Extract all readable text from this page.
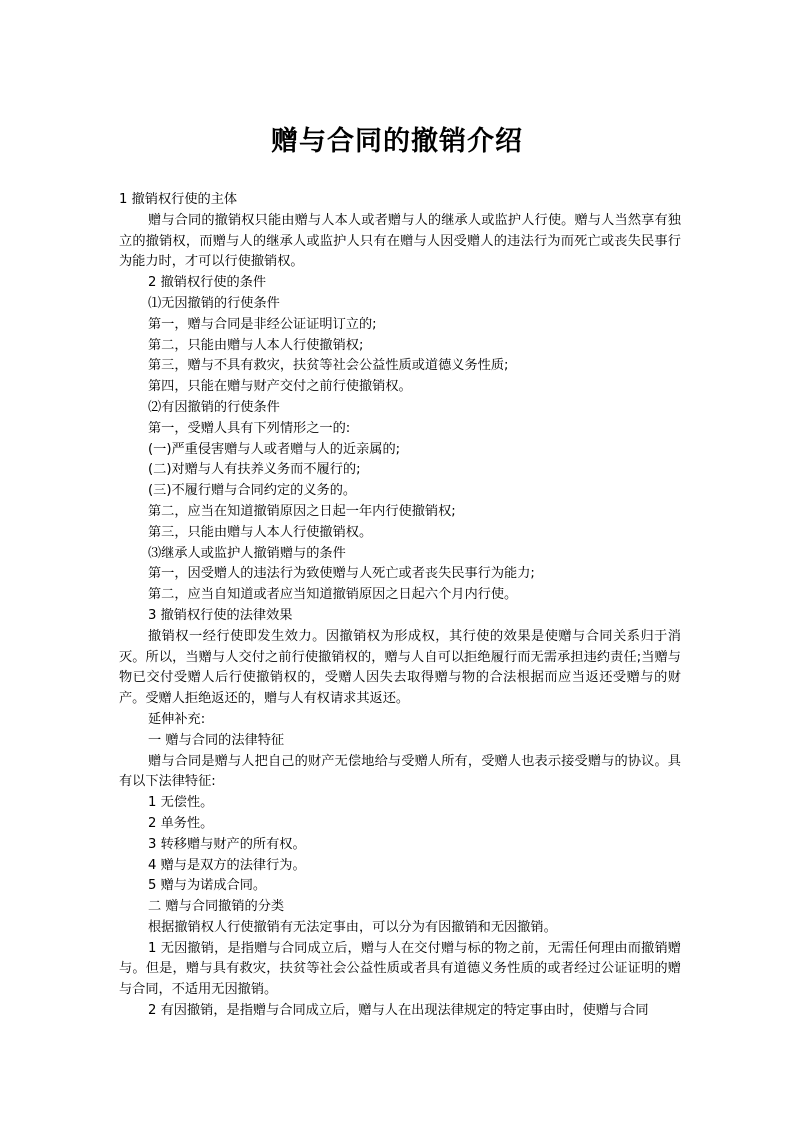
赠与合同的撤销介绍

1 撤销权行使的主体

赠与合同的撤销权只能由赠与人本人或者赠与人的继承人或监护人行使。赠与人当然享有独立的撤销权，而赠与人的继承人或监护人只有在赠与人因受赠人的违法行为而死亡或丧失民事行为能力时，才可以行使撤销权。

2 撤销权行使的条件

⑴无因撤销的行使条件

第一，赠与合同是非经公证证明订立的;

第二，只能由赠与人本人行使撤销权;

第三，赠与不具有救灾，扶贫等社会公益性质或道德义务性质;

第四，只能在赠与财产交付之前行使撤销权。

⑵有因撤销的行使条件

第一，受赠人具有下列情形之一的:

(一)严重侵害赠与人或者赠与人的近亲属的;

(二)对赠与人有扶养义务而不履行的;

(三)不履行赠与合同约定的义务的。

第二，应当在知道撤销原因之日起一年内行使撤销权;

第三，只能由赠与人本人行使撤销权。

⑶继承人或监护人撤销赠与的条件

第一，因受赠人的违法行为致使赠与人死亡或者丧失民事行为能力;

第二，应当自知道或者应当知道撤销原因之日起六个月内行使。

3 撤销权行使的法律效果

撤销权一经行使即发生效力。因撤销权为形成权，其行使的效果是使赠与合同关系归于消灭。所以，当赠与人交付之前行使撤销权的，赠与人自可以拒绝履行而无需承担违约责任;当赠与物已交付受赠人后行使撤销权的，受赠人因失去取得赠与物的合法根据而应当返还受赠与的财产。受赠人拒绝返还的，赠与人有权请求其返还。

延伸补充:

一 赠与合同的法律特征

赠与合同是赠与人把自己的财产无偿地给与受赠人所有，受赠人也表示接受赠与的协议。具有以下法律特征:

1 无偿性。

2 单务性。

3 转移赠与财产的所有权。

4 赠与是双方的法律行为。

5 赠与为诺成合同。

二 赠与合同撤销的分类

根据撤销权人行使撤销有无法定事由，可以分为有因撤销和无因撤销。

1 无因撤销，是指赠与合同成立后，赠与人在交付赠与标的物之前，无需任何理由而撤销赠与。但是，赠与具有救灾，扶贫等社会公益性质或者具有道德义务性质的或者经过公证证明的赠与合同，不适用无因撤销。

2 有因撤销，是指赠与合同成立后，赠与人在出现法律规定的特定事由时，使赠与合同
